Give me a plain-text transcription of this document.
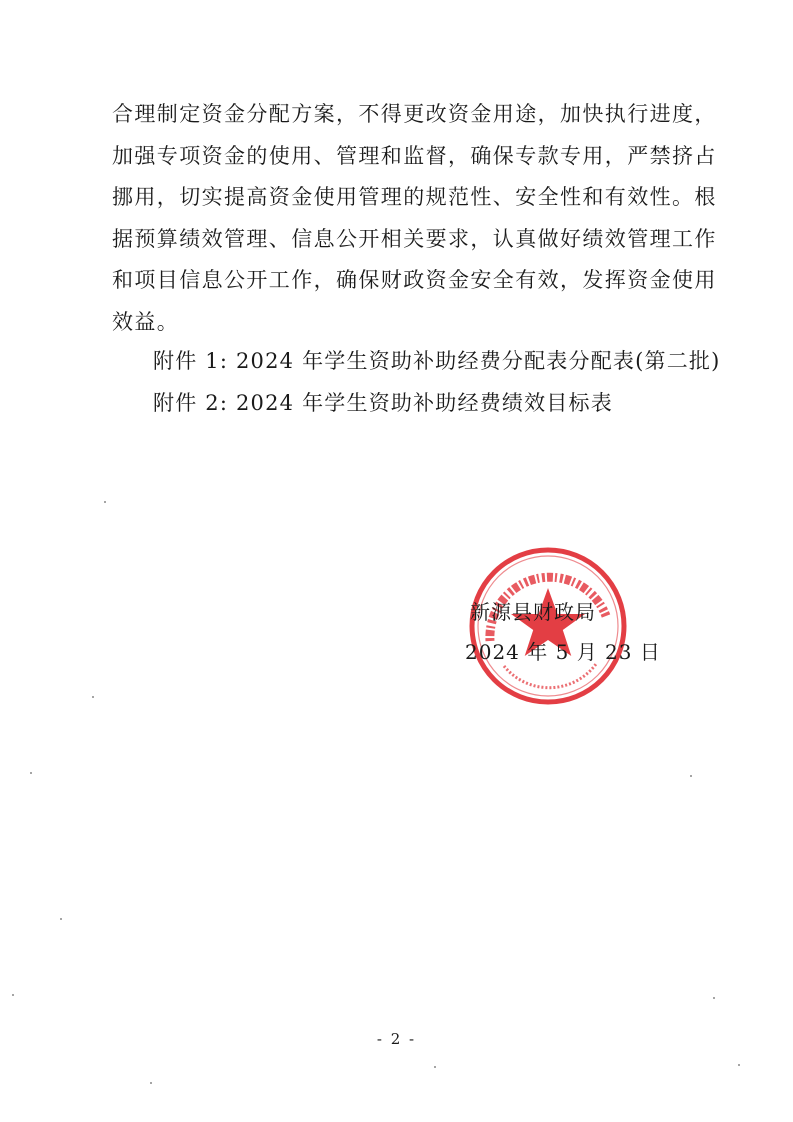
合理制定资金分配方案，不得更改资金用途，加快执行进度，
加强专项资金的使用、管理和监督，确保专款专用，严禁挤占
挪用，切实提高资金使用管理的规范性、安全性和有效性。根
据预算绩效管理、信息公开相关要求，认真做好绩效管理工作
和项目信息公开工作，确保财政资金安全有效，发挥资金使用
效益。

附件 1: 2024 年学生资助补助经费分配表分配表(第二批)

附件 2: 2024 年学生资助补助经费绩效目标表

新源县财政局
2024 年 5 月 23 日
- 2 -
